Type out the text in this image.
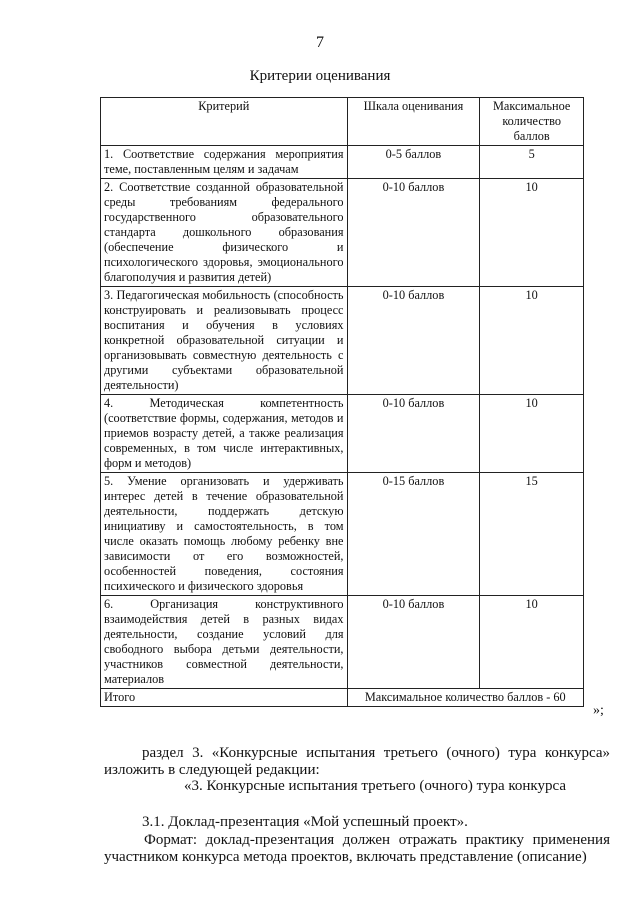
7
Критерии оценивания
Критерий	Шкала оценивания	Максимальное количество баллов
1. Соответствие содержания мероприятия теме, поставленным целям и задачам	0-5 баллов	5
2. Соответствие созданной образовательной среды требованиям федерального государственного образовательного стандарта дошкольного образования (обеспечение физического и психологического здоровья, эмоционального благополучия и развития детей)	0-10 баллов	10
3. Педагогическая мобильность (способность конструировать и реализовывать процесс воспитания и обучения в условиях конкретной образовательной ситуации и организовывать совместную деятельность с другими субъектами образовательной деятельности)	0-10 баллов	10
4. Методическая компетентность (соответствие формы, содержания, методов и приемов возрасту детей, а также реализация современных, в том числе интерактивных, форм и методов)	0-10 баллов	10
5. Умение организовать и удерживать интерес детей в течение образовательной деятельности, поддержать детскую инициативу и самостоятельность, в том числе оказать помощь любому ребенку вне зависимости от его возможностей, особенностей поведения, состояния психического и физического здоровья	0-15 баллов	15
6. Организация конструктивного взаимодействия детей в разных видах деятельности, создание условий для свободного выбора детьми деятельности, участников совместной деятельности, материалов	0-10 баллов	10
Итого	Максимальное количество баллов - 60	
»;
раздел 3. «Конкурсные испытания третьего (очного) тура конкурса» изложить в следующей редакции:
«3. Конкурсные испытания третьего (очного) тура конкурса
3.1. Доклад-презентация «Мой успешный проект».
Формат: доклад-презентация должен отражать практику применения участником конкурса метода проектов, включать представление (описание)
